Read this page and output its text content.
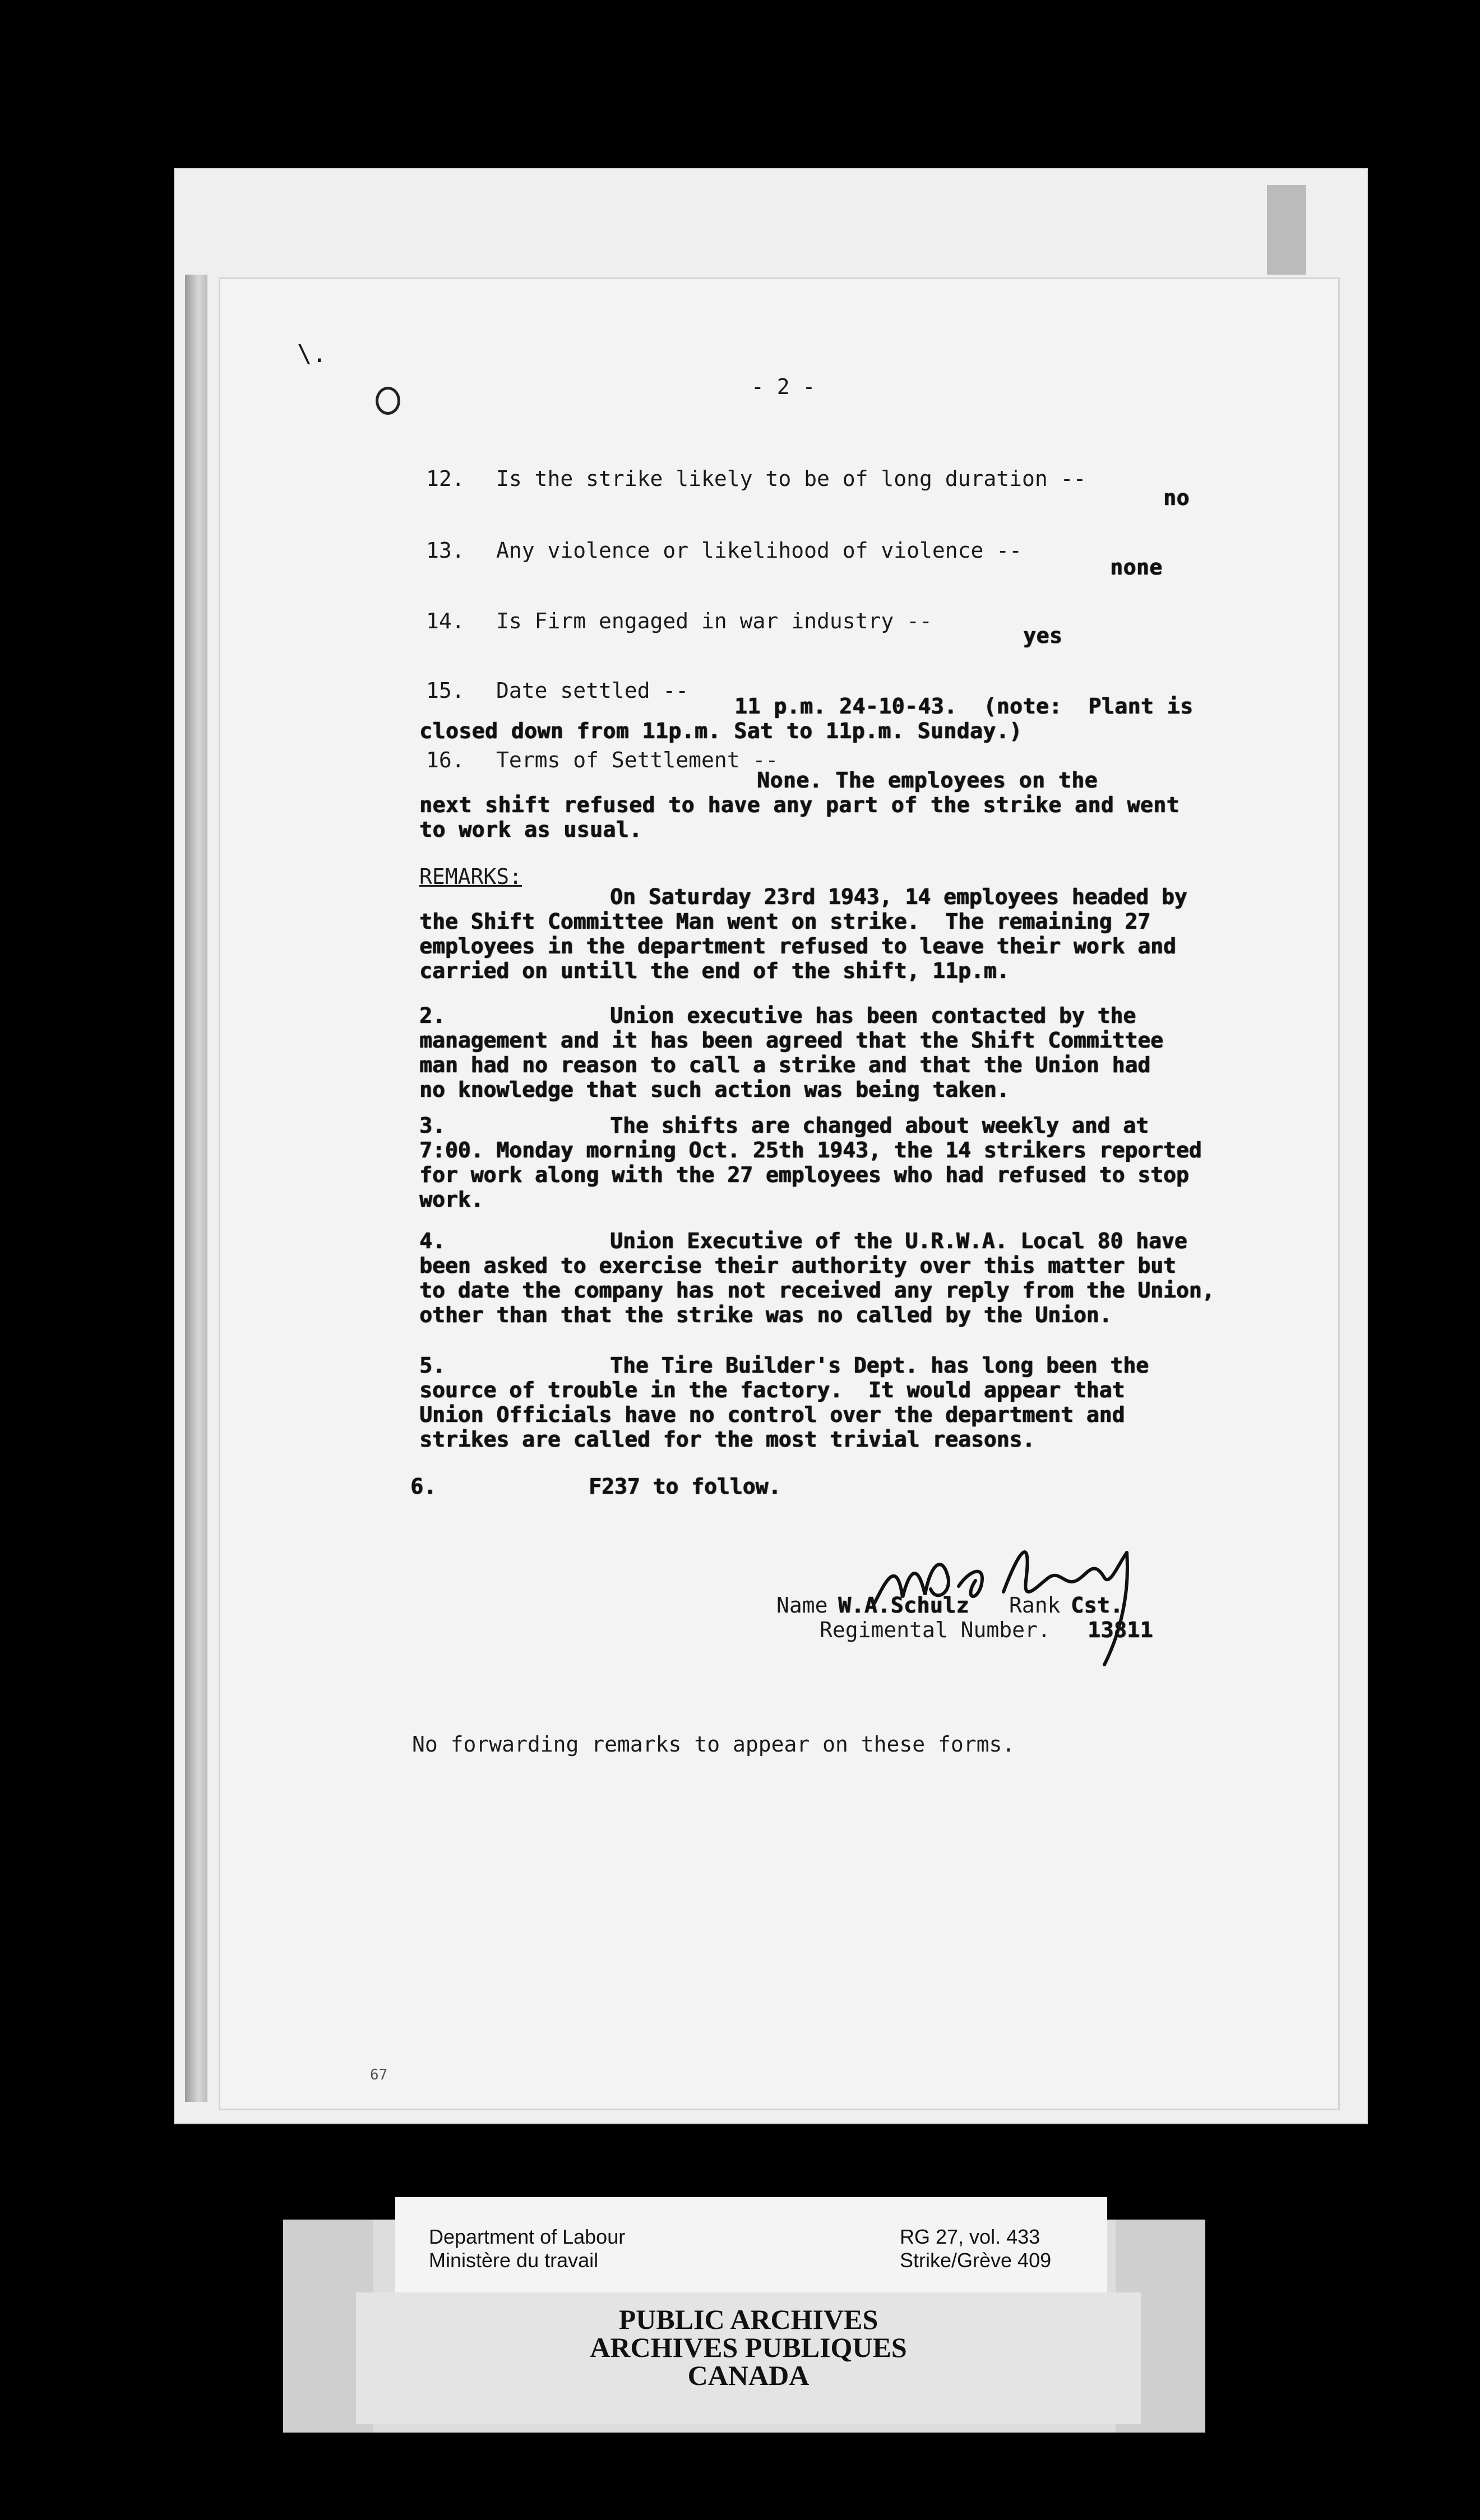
\.
- 2 -
12. Is the strike likely to be of long duration --
no
13. Any violence or likelihood of violence --
none
14. Is Firm engaged in war industry --
yes
15. Date settled --
11 p.m. 24-10-43.  (note:  Plant is
closed down from 11p.m. Sat to 11p.m. Sunday.)
16. Terms of Settlement --
None. The employees on the
next shift refused to have any part of the strike and went
to work as usual.
REMARKS:
On Saturday 23rd 1943, 14 employees headed by
the Shift Committee Man went on strike.  The remaining 27
employees in the department refused to leave their work and
carried on untill the end of the shift, 11p.m.
2.	Union executive has been contacted by the
management and it has been agreed that the Shift Committee
man had no reason to call a strike and that the Union had
no knowledge that such action was being taken.
3.	The shifts are changed about weekly and at
7:00. Monday morning Oct. 25th 1943, the 14 strikers reported
for work along with the 27 employees who had refused to stop
work.
4.	Union Executive of the U.R.W.A. Local 80 have
been asked to exercise their authority over this matter but
to date the company has not received any reply from the Union,
other than that the strike was no called by the Union.
5.	The Tire Builder's Dept. has long been the
source of trouble in the factory.  It would appear that
Union Officials have no control over the department and
strikes are called for the most trivial reasons.
6.	F237 to follow.
Name W.A.Schulz Rank Cst.
Regimental Number. 13811
No forwarding remarks to appear on these forms.
67
Department of Labour
Ministère du travail
RG 27, vol. 433
Strike/Grève 409
PUBLIC ARCHIVES
ARCHIVES PUBLIQUES
CANADA
